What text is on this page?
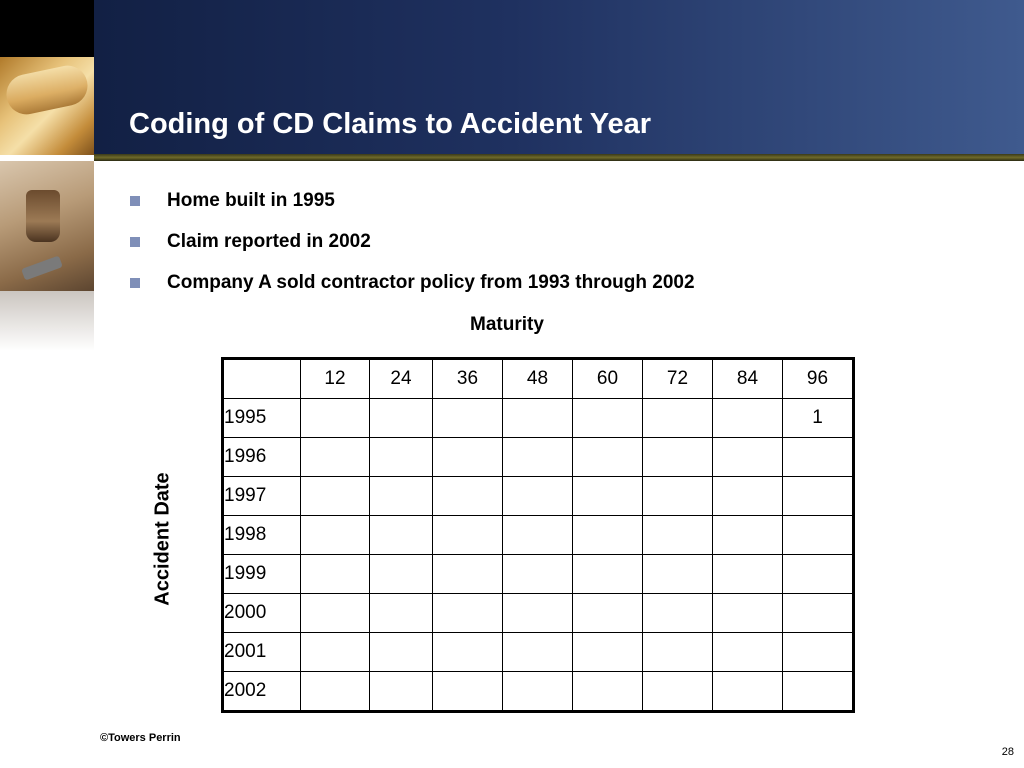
Coding of CD Claims to Accident Year
Home built in 1995
Claim reported in 2002
Company A sold contractor policy from 1993 through 2002
Maturity
Accident Date
	12	24	36	48	60	72	84	96
1995								1
1996								
1997								
1998								
1999								
2000								
2001								
2002								
©Towers Perrin
28
